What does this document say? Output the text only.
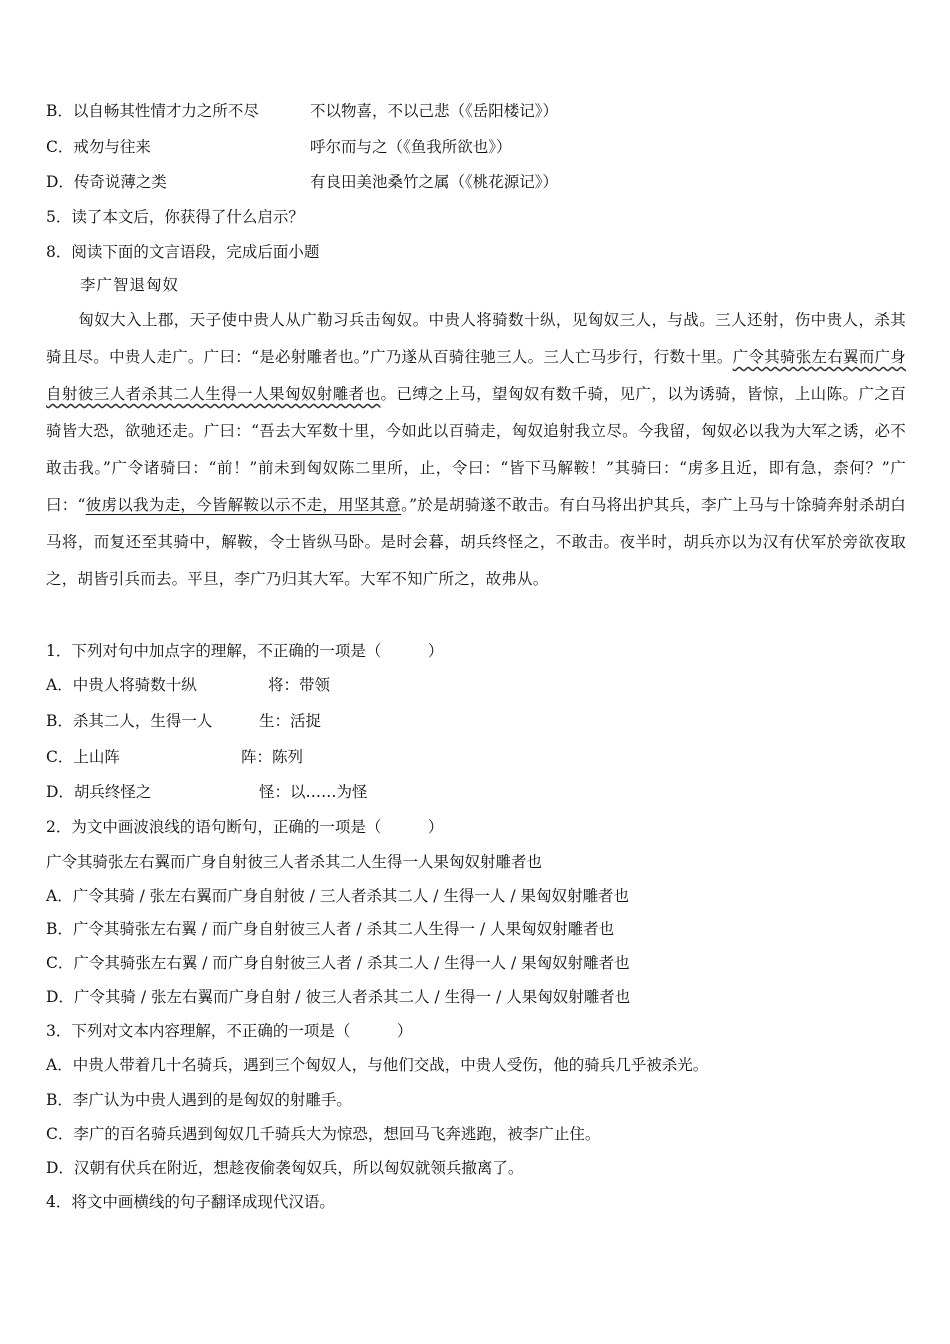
B．以自畅其性情才力之所不尽	不以物喜，不以己悲（《岳阳楼记》）
C．戒勿与往来	呼尔而与之（《鱼我所欲也》）
D．传奇说薄之类	有良田美池桑竹之属（《桃花源记》）
5．读了本文后，你获得了什么启示？
8．阅读下面的文言语段，完成后面小题
李广智退匈奴
匈奴大入上郡，天子使中贵人从广勒习兵击匈奴。中贵人将骑数十纵，见匈奴三人，与战。三人还射，伤中贵人，杀其骑且尽。中贵人走广。广曰：“是必射雕者也。”广乃遂从百骑往驰三人。三人亡马步行，行数十里。广令其骑张左右翼而广身自射彼三人者杀其二人生得一人果匈奴射雕者也。已缚之上马，望匈奴有数千骑，见广，以为诱骑，皆惊，上山陈。广之百骑皆大恐，欲驰还走。广曰：“吾去大军数十里，今如此以百骑走，匈奴追射我立尽。今我留，匈奴必以我为大军之诱，必不敢击我。”广令诸骑曰：“前！”前未到匈奴陈二里所，止，令曰：“皆下马解鞍！”其骑曰：“虏多且近，即有急，柰何？”广曰：“彼虏以我为走，今皆解鞍以示不走，用坚其意。”於是胡骑遂不敢击。有白马将出护其兵，李广上马与十馀骑奔射杀胡白马将，而复还至其骑中，解鞍，令士皆纵马卧。是时会暮，胡兵终怪之，不敢击。夜半时，胡兵亦以为汉有伏军於旁欲夜取之，胡皆引兵而去。平旦，李广乃归其大军。大军不知广所之，故弗从。
1．下列对句中加点字的理解，不正确的一项是（　　　）
A．中贵人将骑数十纵	将：带领
B．杀其二人，生得一人	生：活捉
C．上山阵	阵：陈列
D．胡兵终怪之	怪：以……为怪
2．为文中画波浪线的语句断句，正确的一项是（　　　）
广令其骑张左右翼而广身自射彼三人者杀其二人生得一人果匈奴射雕者也
A．广令其骑 / 张左右翼而广身自射彼 / 三人者杀其二人 / 生得一人 / 果匈奴射雕者也
B．广令其骑张左右翼 / 而广身自射彼三人者 / 杀其二人生得一 / 人果匈奴射雕者也
C．广令其骑张左右翼 / 而广身自射彼三人者 / 杀其二人 / 生得一人 / 果匈奴射雕者也
D．广令其骑 / 张左右翼而广身自射 / 彼三人者杀其二人 / 生得一 / 人果匈奴射雕者也
3．下列对文本内容理解，不正确的一项是（　　　）
A．中贵人带着几十名骑兵，遇到三个匈奴人，与他们交战，中贵人受伤，他的骑兵几乎被杀光。
B．李广认为中贵人遇到的是匈奴的射雕手。
C．李广的百名骑兵遇到匈奴几千骑兵大为惊恐，想回马飞奔逃跑，被李广止住。
D．汉朝有伏兵在附近，想趁夜偷袭匈奴兵，所以匈奴就领兵撤离了。
4．将文中画横线的句子翻译成现代汉语。
